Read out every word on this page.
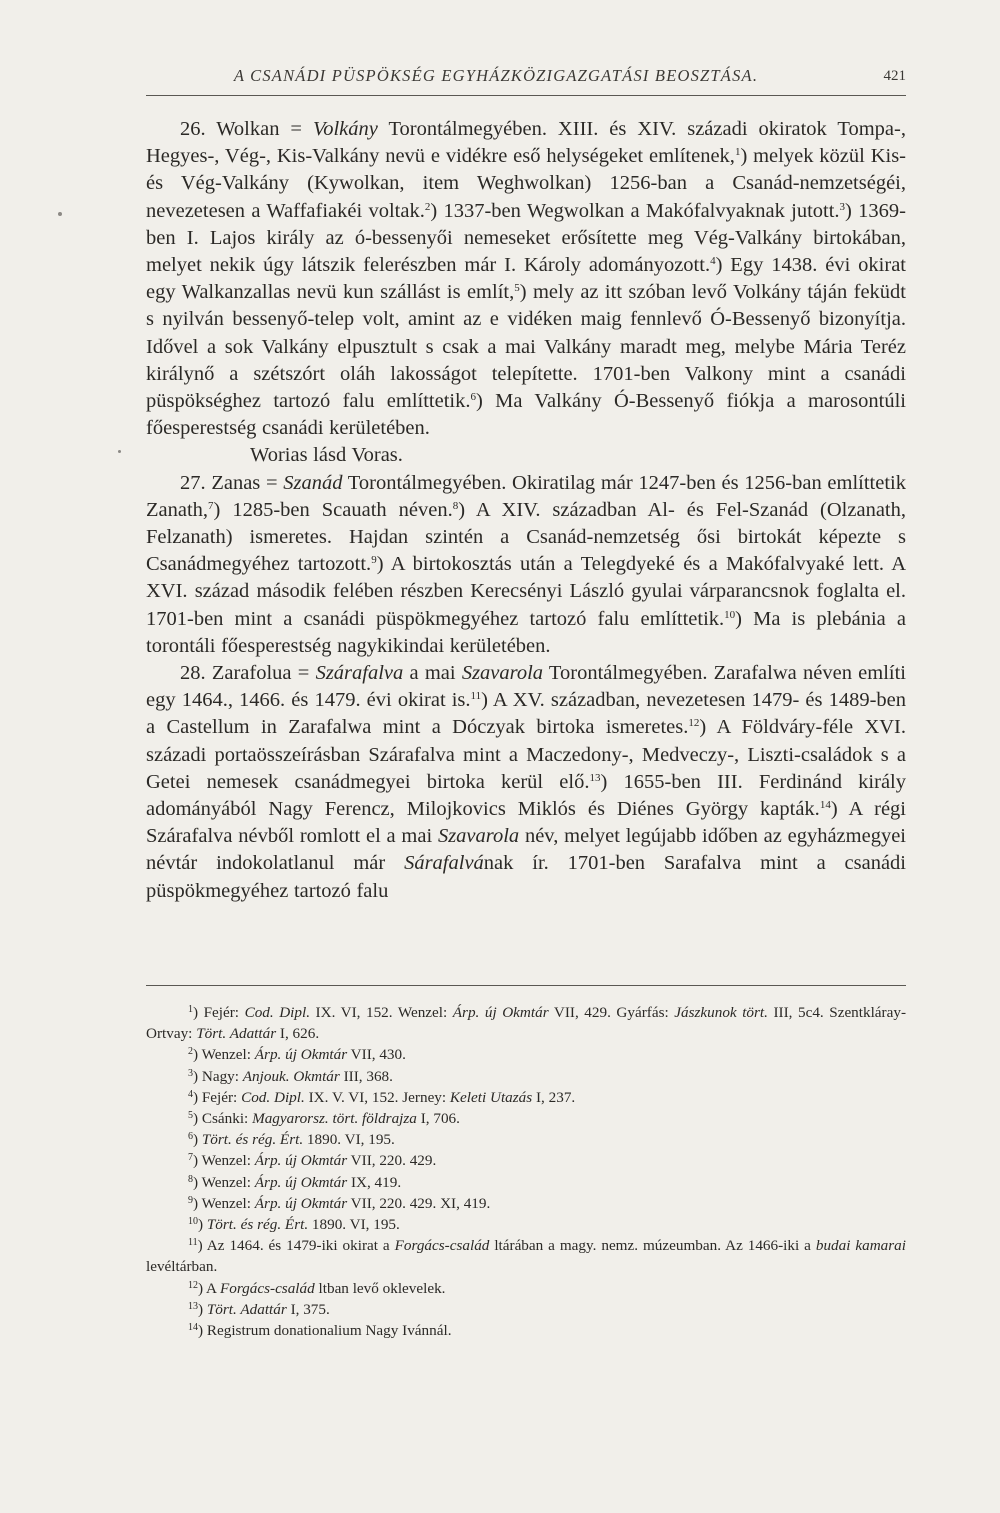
A CSANÁDI PÜSPÖKSÉG EGYHÁZKÖZIGAZGATÁSI BEOSZTÁSA.	421

26. Wolkan = Volkány Torontálmegyében. XIII. és XIV. századi okiratok Tompa-, Hegyes-, Vég-, Kis-Valkány nevü e vidékre eső helységeket említenek,$^1$) melyek közül Kis- és Vég-Valkány (Kywolkan, item Weghwolkan) 1256-ban a Csanád-nemzetségéi, nevezetesen a Waffafiakéi voltak.$^2$) 1337-ben Wegwolkan a Makófalvyaknak jutott.$^3$) 1369-ben I. Lajos király az ó-bessenyői nemeseket erősítette meg Vég-Valkány birtokában, melyet nekik úgy látszik felerészben már I. Károly adományozott.$^4$) Egy 1438. évi okirat egy Walkanzallas nevü kun szállást is említ,$^5$) mely az itt szóban levő Volkány táján feküdt s nyilván bessenyő-telep volt, amint az e vidéken maig fennlevő Ó-Bessenyő bizonyítja. Idővel a sok Valkány elpusztult s csak a mai Valkány maradt meg, melybe Mária Teréz királynő a szétszórt oláh lakosságot telepítette. 1701-ben Valkony mint a csanádi püspökséghez tartozó falu említtetik.$^6$) Ma Valkány Ó-Bessenyő fiókja a marosontúli főesperestség csanádi kerületében.

Worias lásd Voras.

27. Zanas = Szanád Torontálmegyében. Okiratilag már 1247-ben és 1256-ban említtetik Zanath,$^7$) 1285-ben Scauath néven.$^8$) A XIV. században Al- és Fel-Szanád (Olzanath, Felzanath) ismeretes. Hajdan szintén a Csanád-nemzetség ősi birtokát képezte s Csanádmegyéhez tartozott.$^9$) A birtokosztás után a Telegdyeké és a Makófalvyaké lett. A XVI. század második felében részben Kerecsényi László gyulai várparancsnok foglalta el. 1701-ben mint a csanádi püspökmegyéhez tartozó falu említtetik.$^{10}$) Ma is plebánia a torontáli főesperestség nagykikindai kerületében.

28. Zarafolua = Szárafalva a mai Szavarola Torontálmegyében. Zarafalwa néven említi egy 1464., 1466. és 1479. évi okirat is.$^{11}$) A XV. században, nevezetesen 1479- és 1489-ben a Castellum in Zarafalwa mint a Dóczyak birtoka ismeretes.$^{12}$) A Földváry-féle XVI. századi portaösszeírásban Szárafalva mint a Maczedony-, Medveczy-, Liszti-családok s a Getei nemesek csanádmegyei birtoka kerül elő.$^{13}$) 1655-ben III. Ferdinánd király adományából Nagy Ferencz, Milojkovics Miklós és Diénes György kapták.$^{14}$) A régi Szárafalva névből romlott el a mai Szavarola név, melyet legújabb időben az egyházmegyei névtár indokolatlanul már Sárafalvának ír. 1701-ben Sarafalva mint a csanádi püspökmegyéhez tartozó falu

$^1$) Fejér: Cod. Dipl. IX. VI, 152. Wenzel: Árp. új Okmtár VII, 429. Gyárfás: Jászkunok tört. III, 5c4. Szentkláray-Ortvay: Tört. Adattár I, 626.

$^2$) Wenzel: Árp. új Okmtár VII, 430.

$^3$) Nagy: Anjouk. Okmtár III, 368.

$^4$) Fejér: Cod. Dipl. IX. V. VI, 152. Jerney: Keleti Utazás I, 237.

$^5$) Csánki: Magyarorsz. tört. földrajza I, 706.

$^6$) Tört. és rég. Ért. 1890. VI, 195.

$^7$) Wenzel: Árp. új Okmtár VII, 220. 429.

$^8$) Wenzel: Árp. új Okmtár IX, 419.

$^9$) Wenzel: Árp. új Okmtár VII, 220. 429. XI, 419.

$^{10}$) Tört. és rég. Ért. 1890. VI, 195.

$^{11}$) Az 1464. és 1479-iki okirat a Forgács-család ltárában a magy. nemz. múzeumban. Az 1466-iki a budai kamarai levéltárban.

$^{12}$) A Forgács-család ltban levő oklevelek.

$^{13}$) Tört. Adattár I, 375.

$^{14}$) Registrum donationalium Nagy Ivánnál.
